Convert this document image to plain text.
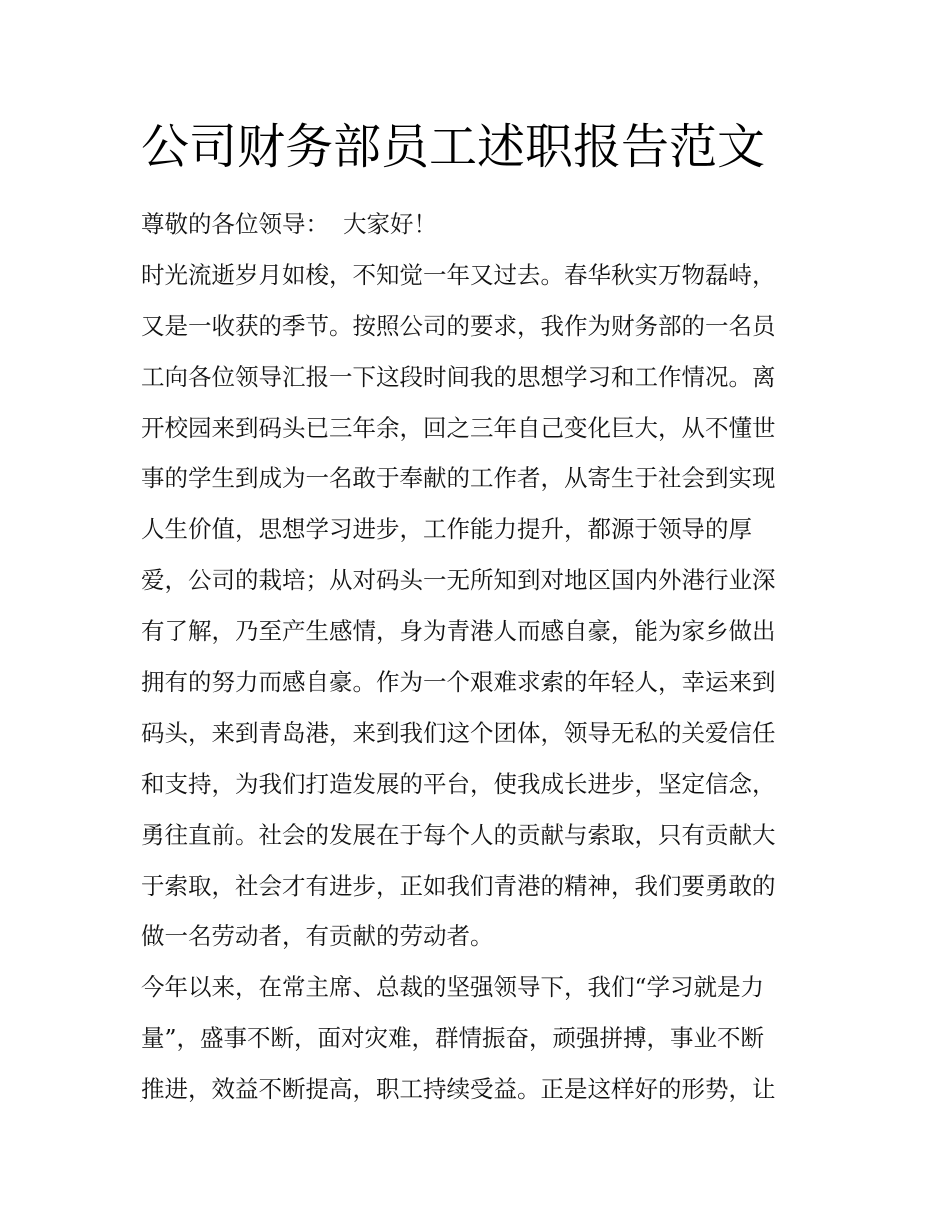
公司财务部员工述职报告范文
尊敬的各位领导： 大家好！
时光流逝岁月如梭，不知觉一年又过去。春华秋实万物磊峙，
又是一收获的季节。按照公司的要求，我作为财务部的一名员
工向各位领导汇报一下这段时间我的思想学习和工作情况。离
开校园来到码头已三年余，回之三年自己变化巨大，从不懂世
事的学生到成为一名敢于奉献的工作者，从寄生于社会到实现
人生价值，思想学习进步，工作能力提升，都源于领导的厚
爱，公司的栽培；从对码头一无所知到对地区国内外港行业深
有了解，乃至产生感情，身为青港人而感自豪，能为家乡做出
拥有的努力而感自豪。作为一个艰难求索的年轻人，幸运来到
码头，来到青岛港，来到我们这个团体，领导无私的关爱信任
和支持，为我们打造发展的平台，使我成长进步，坚定信念，
勇往直前。社会的发展在于每个人的贡献与索取，只有贡献大
于索取，社会才有进步，正如我们青港的精神，我们要勇敢的
做一名劳动者，有贡献的劳动者。
今年以来，在常主席、总裁的坚强领导下，我们“学习就是力
量”，盛事不断，面对灾难，群情振奋，顽强拼搏，事业不断
推进，效益不断提高，职工持续受益。正是这样好的形势，让
